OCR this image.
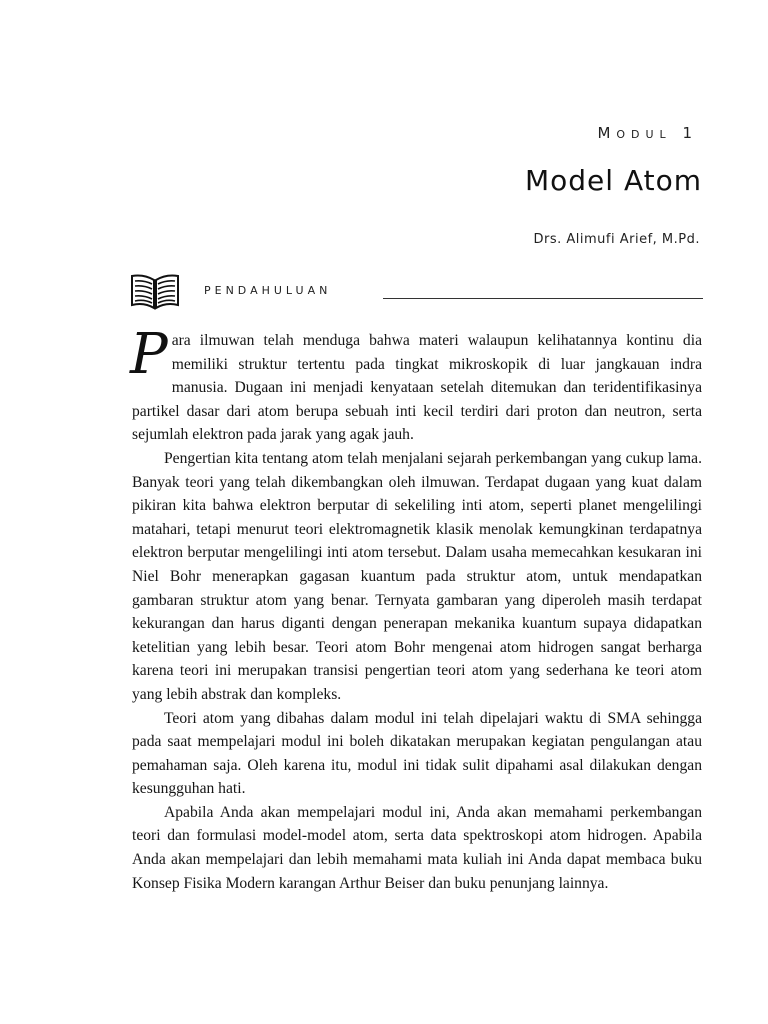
Modul 1

Model Atom

Drs. Alimufi Arief, M.Pd.

PENDAHULUAN

Para ilmuwan telah menduga bahwa materi walaupun kelihatannya kontinu dia memiliki struktur tertentu pada tingkat mikroskopik di luar jangkauan indra manusia. Dugaan ini menjadi kenyataan setelah ditemukan dan teridentifikasinya partikel dasar dari atom berupa sebuah inti kecil terdiri dari proton dan neutron, serta sejumlah elektron pada jarak yang agak jauh.

Pengertian kita tentang atom telah menjalani sejarah perkembangan yang cukup lama. Banyak teori yang telah dikembangkan oleh ilmuwan. Terdapat dugaan yang kuat dalam pikiran kita bahwa elektron berputar di sekeliling inti atom, seperti planet mengelilingi matahari, tetapi menurut teori elektromagnetik klasik menolak kemungkinan terdapatnya elektron berputar mengelilingi inti atom tersebut. Dalam usaha memecahkan kesukaran ini Niel Bohr menerapkan gagasan kuantum pada struktur atom, untuk mendapatkan gambaran struktur atom yang benar. Ternyata gambaran yang diperoleh masih terdapat kekurangan dan harus diganti dengan penerapan mekanika kuantum supaya didapatkan ketelitian yang lebih besar. Teori atom Bohr mengenai atom hidrogen sangat berharga karena teori ini merupakan transisi pengertian teori atom yang sederhana ke teori atom yang lebih abstrak dan kompleks.

Teori atom yang dibahas dalam modul ini telah dipelajari waktu di SMA sehingga pada saat mempelajari modul ini boleh dikatakan merupakan kegiatan pengulangan atau pemahaman saja. Oleh karena itu, modul ini tidak sulit dipahami asal dilakukan dengan kesungguhan hati.

Apabila Anda akan mempelajari modul ini, Anda akan memahami perkembangan teori dan formulasi model-model atom, serta data spektroskopi atom hidrogen. Apabila Anda akan mempelajari dan lebih memahami mata kuliah ini Anda dapat membaca buku Konsep Fisika Modern karangan Arthur Beiser dan buku penunjang lainnya.
